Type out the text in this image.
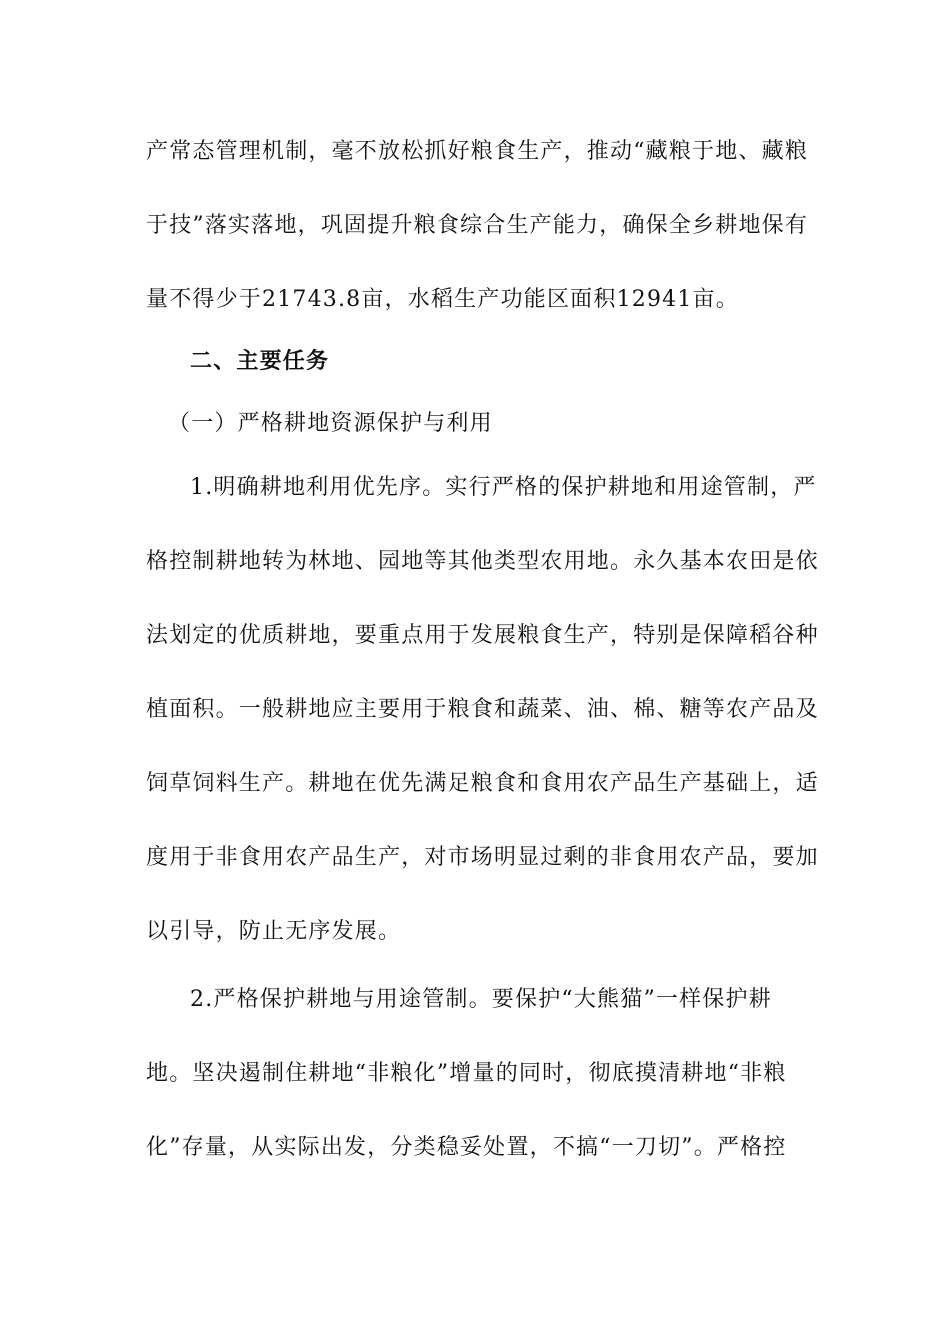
产常态管理机制，毫不放松抓好粮食生产，推动“藏粮于地、藏粮
于技”落实落地，巩固提升粮食综合生产能力，确保全乡耕地保有
量不得少于21743.8亩，水稻生产功能区面积12941亩。
二、主要任务
（一）严格耕地资源保护与利用
1.明确耕地利用优先序。实行严格的保护耕地和用途管制，严
格控制耕地转为林地、园地等其他类型农用地。永久基本农田是依
法划定的优质耕地，要重点用于发展粮食生产，特别是保障稻谷种
植面积。一般耕地应主要用于粮食和蔬菜、油、棉、糖等农产品及
饲草饲料生产。耕地在优先满足粮食和食用农产品生产基础上，适
度用于非食用农产品生产，对市场明显过剩的非食用农产品，要加
以引导，防止无序发展。
2.严格保护耕地与用途管制。要保护“大熊猫”一样保护耕
地。坚决遏制住耕地“非粮化”增量的同时，彻底摸清耕地“非粮
化”存量，从实际出发，分类稳妥处置，不搞“一刀切”。严格控
